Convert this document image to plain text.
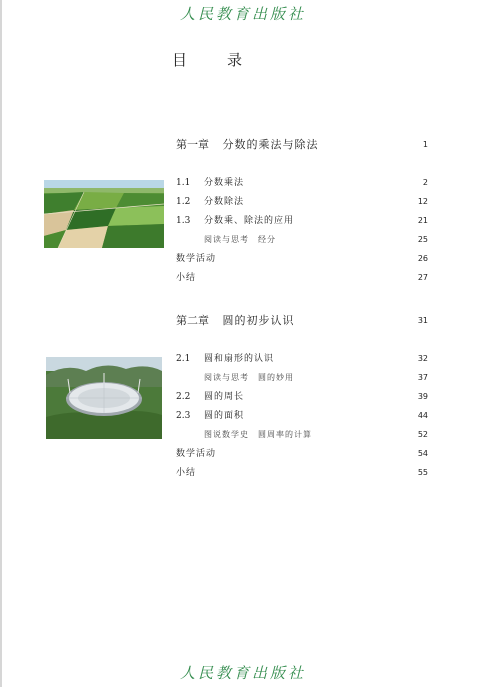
人民教育出版社
目录
第一章 分数的乘法与除法	1
1.1 分数乘法	2
1.2 分数除法	12
1.3 分数乘、除法的应用	21
阅读与思考　经分	25
数学活动	26
小结	27
第二章 圆的初步认识	31
2.1 圆和扇形的认识	32
阅读与思考　圆的妙用	37
2.2 圆的周长	39
2.3 圆的面积	44
图说数学史　圆周率的计算	52
数学活动	54
小结	55
人民教育出版社
